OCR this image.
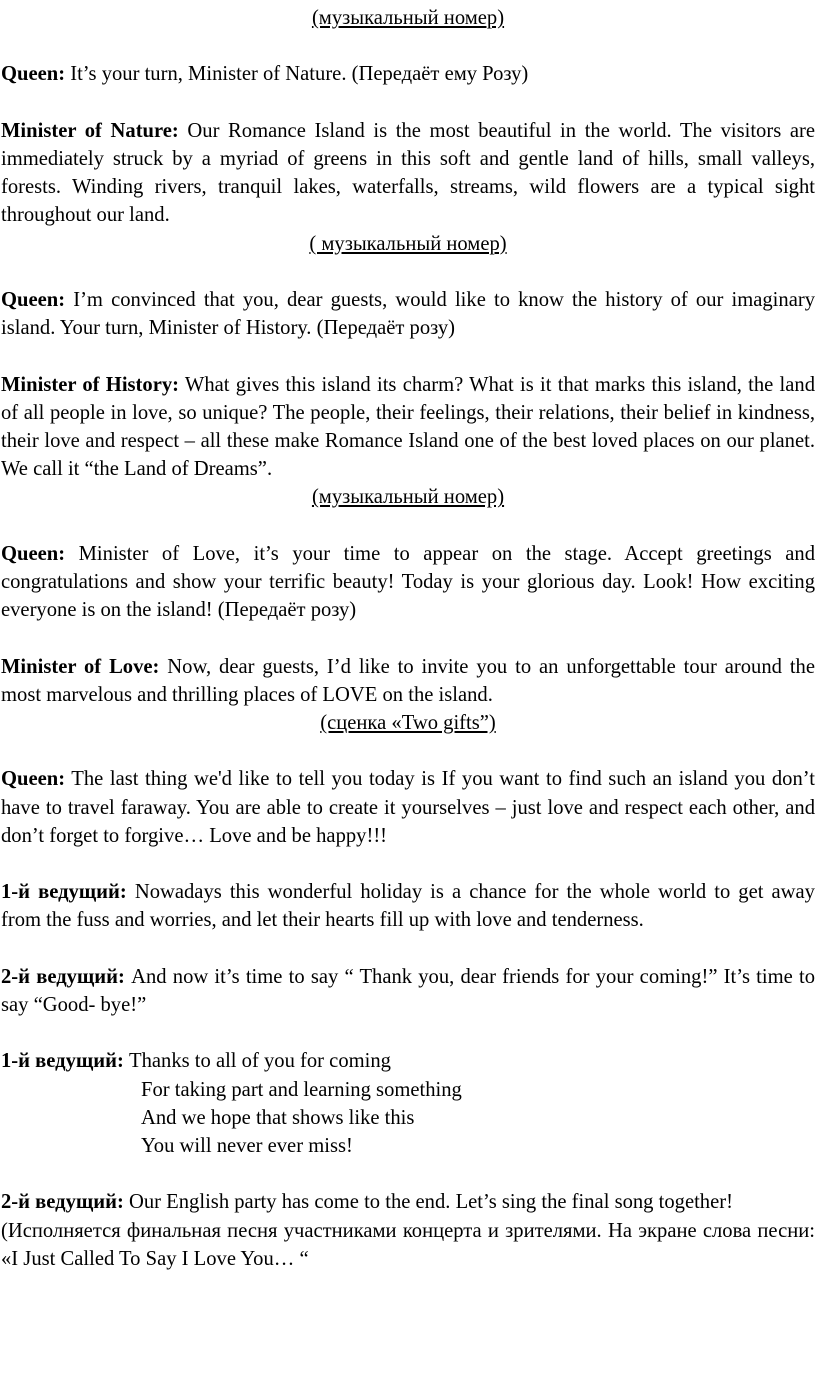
(музыкальный номер)

Queen: It’s your turn, Minister of Nature. (Передаёт ему Розу)

Minister of Nature: Our Romance Island is the most beautiful in the world. The visitors are immediately struck by a myriad of greens in this soft and gentle land of hills, small valleys, forests. Winding rivers, tranquil lakes, waterfalls, streams, wild flowers are a typical sight throughout our land.

( музыкальный номер)

Queen: I’m convinced that you, dear guests, would like to know the history of our imaginary island. Your turn, Minister of History. (Передаёт розу)

Minister of History: What gives this island its charm? What is it that marks this island, the land of all people in love, so unique? The people, their feelings, their relations, their belief in kindness, their love and respect – all these make Romance Island one of the best loved places on our planet. We call it “the Land of Dreams”.

(музыкальный номер)

Queen: Minister of Love, it’s your time to appear on the stage. Accept greetings and congratulations and show your terrific beauty! Today is your glorious day. Look! How exciting everyone is on the island! (Передаёт розу)

Minister of Love: Now, dear guests, I’d like to invite you to an unforgettable tour around the most marvelous and thrilling places of LOVE on the island.

(сценка «Two gifts”)

Queen: The last thing we'd like to tell you today is If you want to find such an island you don’t have to travel faraway. You are able to create it yourselves – just love and respect each other, and don’t forget to forgive… Love and be happy!!!

1-й ведущий: Nowadays this wonderful holiday is a chance for the whole world to get away from the fuss and worries, and let their hearts fill up with love and tenderness.

2-й ведущий: And now it’s time to say “ Thank you, dear friends for your coming!” It’s time to say “Good- bye!”

1-й ведущий: Thanks to all of you for coming

For taking part and learning something

And we hope that shows like this

You will never ever miss!

2-й ведущий: Our English party has come to the end. Let’s sing the final song together!

(Исполняется финальная песня участниками концерта и зрителями. На экране слова песни: «I Just Called To Say I Love You… “
